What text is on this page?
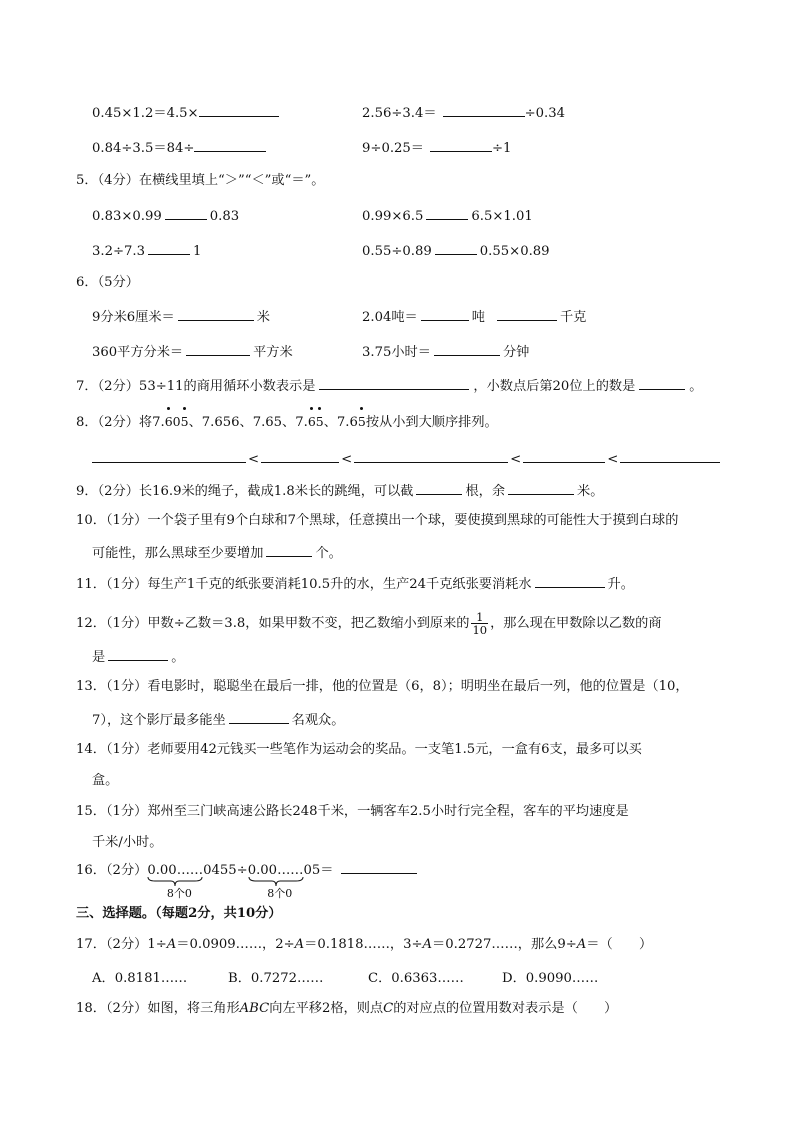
0.45×1.2＝4.5×	2.56÷3.4＝	÷0.34
0.84÷3.5＝84÷	9÷0.25＝	÷1
5．（4分）在横线里填上“＞”“＜”或“＝”。
0.83×0.99	0.83	0.99×6.5	6.5×1.01
3.2÷7.3	1	0.55÷0.89	0.55×0.89
6．（5分）
9分米6厘米＝	米	2.04吨＝	吨	千克
360平方分米＝	平方米	3.75小时＝	分钟
7．（2分）53÷11的商用循环小数表示是	，小数点后第20位上的数是	。
8．（2分）将7.
60
5、7.656、7.65、7.
6
5、7.6
5按从小到大顺序排列。
<	<	<	<
9．（2分）长16.9米的绳子，截成1.8米长的跳绳，可以截	根，余	米。
10．（1分）一个袋子里有9个白球和7个黑球，任意摸出一个球，要使摸到黑球的可能性大于摸到白球的
可能性，那么黑球至少要增加	个。
11．（1分）每生产1千克的纸张要消耗10.5升的水，生产24千克纸张要消耗水	升。
12．（1分）甲数÷乙数＝3.8，如果甲数不变，把乙数缩小到原来的 $\frac{1}{10}$ ，那么现在甲数除以乙数的商
是	。
13．（1分）看电影时，聪聪坐在最后一排，他的位置是（6，8）；明明坐在最后一列，他的位置是（10，
7），这个影厅最多能坐	名观众。
14．（1分）老师要用42元钱买一些笔作为运动会的奖品。一支笔1.5元，一盒有6支，最多可以买
盒。
15．（1分）郑州至三门峡高速公路长248千米，一辆客车2.5小时行完全程，客车的平均速度是
千米/小时。
16．（2分）0.00……0
8个0
455÷0.00……0
8个0
5＝
三、选择题。（每题2分，共10分）
17．（2分）1÷A＝0.0909……，2÷A＝0.1818……，3÷A＝0.2727……，那么9÷A＝（　　）
A．0.8181……	B．0.7272……	C．0.6363……	D．0.9090……
18．（2分）如图，将三角形ABC向左平移2格，则点C的对应点的位置用数对表示是（　　）
